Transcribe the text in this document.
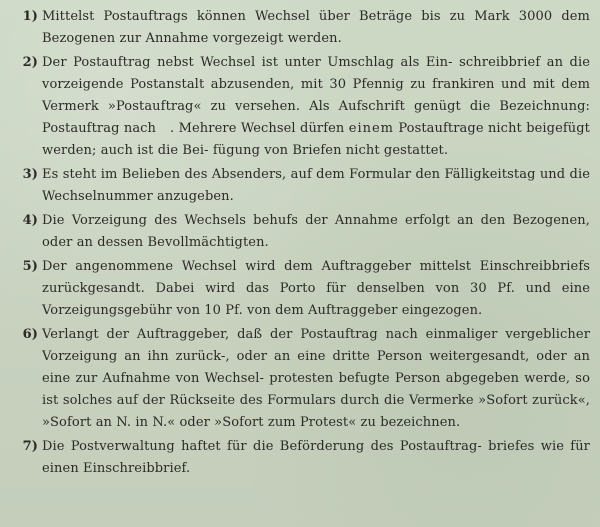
1) Mittelst Postauftrags können Wechsel über Beträge bis zu Mark 3000 dem Bezogenen zur Annahme vorgezeigt werden.
2) Der Postauftrag nebst Wechsel ist unter Umschlag als Ein- schreibbrief an die vorzeigende Postanstalt abzusenden, mit 30 Pfennig zu frankiren und mit dem Vermerk »Postauftrag« zu versehen. Als Aufschrift genügt die Bezeichnung: Postauftrag nach . Mehrere Wechsel dürfen einem Postauftrage nicht beigefügt werden; auch ist die Bei- fügung von Briefen nicht gestattet.
3) Es steht im Belieben des Absenders, auf dem Formular den Fälligkeitstag und die Wechselnummer anzugeben.
4) Die Vorzeigung des Wechsels behufs der Annahme erfolgt an den Bezogenen, oder an dessen Bevollmächtigten.
5) Der angenommene Wechsel wird dem Auftraggeber mittelst Einschreibbriefs zurückgesandt. Dabei wird das Porto für denselben von 30 Pf. und eine Vorzeigungsgebühr von 10 Pf. von dem Auftraggeber eingezogen.
6) Verlangt der Auftraggeber, daß der Postauftrag nach einmaliger vergeblicher Vorzeigung an ihn zurück-, oder an eine dritte Person weitergesandt, oder an eine zur Aufnahme von Wechsel- protesten befugte Person abgegeben werde, so ist solches auf der Rückseite des Formulars durch die Vermerke »Sofort zurück«, »Sofort an N. in N.« oder »Sofort zum Protest« zu bezeichnen.
7) Die Postverwaltung haftet für die Beförderung des Postauftrag- briefes wie für einen Einschreibbrief.
